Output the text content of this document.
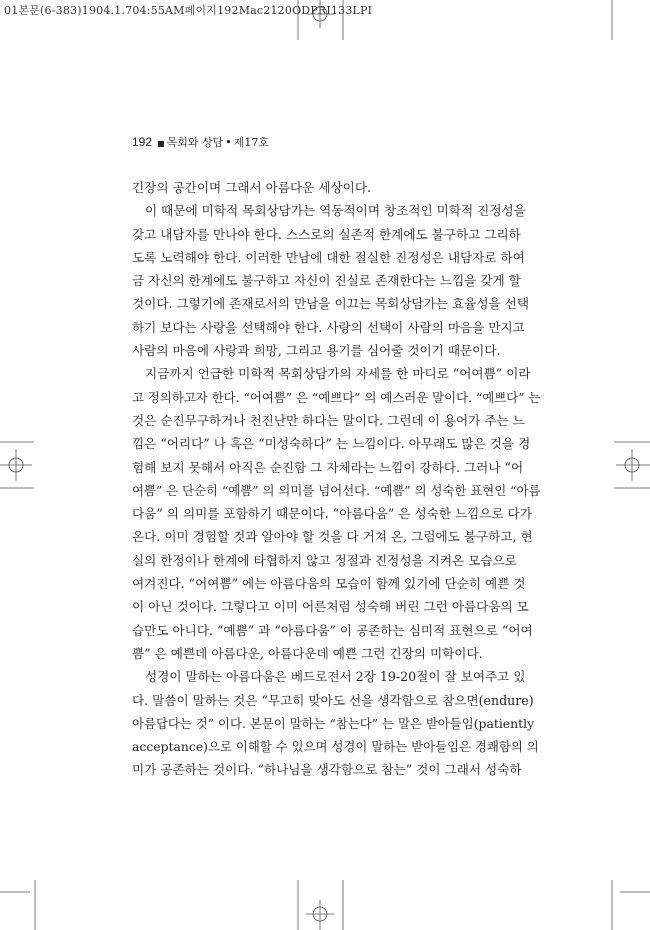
01본문(6-383)1904.1.704:55AM페이지192Mac2120ODPRI133LPI
192 ■ 목회와 상담 • 제17호
긴장의 공간이며 그래서 아름다운 세상이다.
이 때문에 미학적 목회상담가는 역동적이며 창조적인 미학적 진정성을
갖고 내담자를 만나야 한다. 스스로의 실존적 한계에도 불구하고 그리하
도록 노력해야 한다. 이러한 만남에 대한 절실한 진정성은 내담자로 하여
금 자신의 한계에도 불구하고 자신이 진실로 존재한다는 느낌을 갖게 할
것이다. 그렇기에 존재로서의 만남을 이끄는 목회상담가는 효율성을 선택
하기 보다는 사랑을 선택해야 한다. 사랑의 선택이 사람의 마음을 만지고
사람의 마음에 사랑과 희망, 그리고 용기를 심어줄 것이기 때문이다.
지금까지 언급한 미학적 목회상담가의 자세를 한 마디로 “어여쁨” 이라
고 정의하고자 한다. “어여쁨” 은 “예쁘다” 의 예스러운 말이다. “예쁘다” 는
것은 순진무구하거나 천진난만 하다는 말이다. 그런데 이 용어가 주는 느
낌은 “어리다” 나 혹은 “미성숙하다” 는 느낌이다. 아무래도 많은 것을 경
험해 보지 못해서 아직은 순진함 그 자체라는 느낌이 강하다. 그러나 “어
여쁨” 은 단순히 “예쁨” 의 의미를 넘어선다. “예쁨” 의 성숙한 표현인 “아름
다움” 의 의미를 포함하기 때문이다. “아름다움” 은 성숙한 느낌으로 다가
온다. 이미 경험할 것과 알아야 할 것을 다 거쳐 온, 그럼에도 불구하고, 현
실의 한정이나 한계에 타협하지 않고 정절과 진정성을 지켜온 모습으로
여겨진다. “어여쁨” 에는 아름다움의 모습이 함께 있기에 단순히 예쁜 것
이 아닌 것이다. 그렇다고 이미 어른처럼 성숙해 버린 그런 아름다움의 모
습만도 아니다. “예쁨” 과 “아름다움” 이 공존하는 심미적 표현으로 “어여
쁨” 은 예쁜데 아름다운, 아름다운데 예쁜 그런 긴장의 미학이다.
성경이 말하는 아름다움은 베드로전서 2장 19-20절이 잘 보여주고 있
다. 말씀이 말하는 것은 “무고히 맞아도 선을 생각함으로 참으면(endure)
아름답다는 것” 이다. 본문이 말하는 “참는다” 는 말은 받아들임(patiently
acceptance)으로 이해할 수 있으며 성경이 말하는 받아들임은 경쾌함의 의
미가 공존하는 것이다. “하나님을 생각함으로 참는” 것이 그래서 성숙하
